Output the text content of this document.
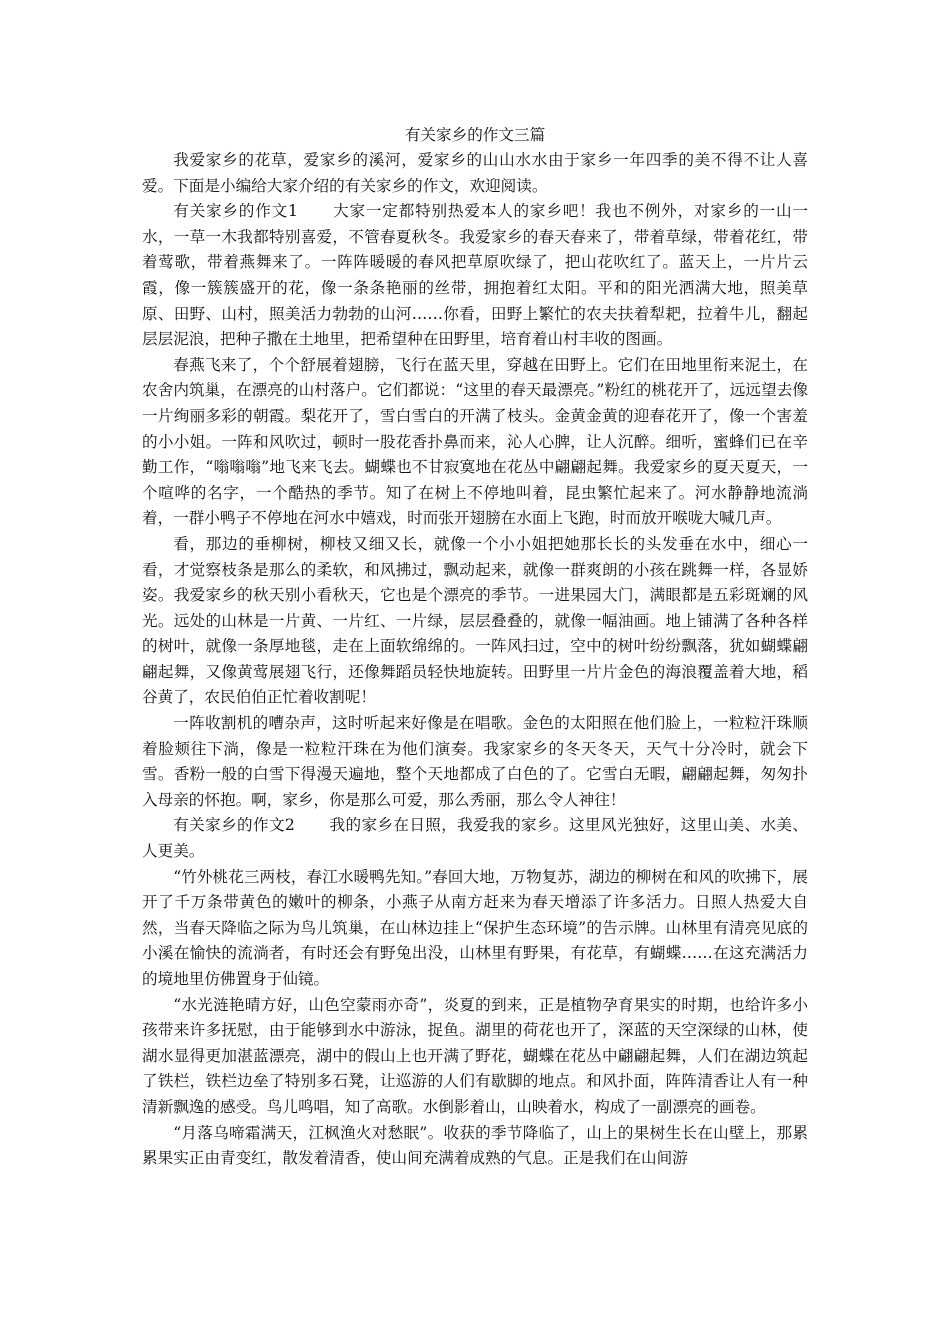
有关家乡的作文三篇

我爱家乡的花草，爱家乡的溪河，爱家乡的山山水水由于家乡一年四季的美不得不让人喜爱。下面是小编给大家介绍的有关家乡的作文，欢迎阅读。

有关家乡的作文1 大家一定都特别热爱本人的家乡吧！我也不例外，对家乡的一山一水，一草一木我都特别喜爱，不管春夏秋冬。我爱家乡的春天春来了，带着草绿，带着花红，带着莺歌，带着燕舞来了。一阵阵暖暖的春风把草原吹绿了，把山花吹红了。蓝天上，一片片云霞，像一簇簇盛开的花，像一条条艳丽的丝带，拥抱着红太阳。平和的阳光洒满大地，照美草原、田野、山村，照美活力勃勃的山河……你看，田野上繁忙的农夫扶着犁耙，拉着牛儿，翻起层层泥浪，把种子撒在土地里，把希望种在田野里，培育着山村丰收的图画。

春燕飞来了，个个舒展着翅膀，飞行在蓝天里，穿越在田野上。它们在田地里衔来泥土，在农舍内筑巢，在漂亮的山村落户。它们都说：“这里的春天最漂亮。”粉红的桃花开了，远远望去像一片绚丽多彩的朝霞。梨花开了，雪白雪白的开满了枝头。金黄金黄的迎春花开了，像一个害羞的小小姐。一阵和风吹过，顿时一股花香扑鼻而来，沁人心脾，让人沉醉。细听，蜜蜂们已在辛勤工作，“嗡嗡嗡”地飞来飞去。蝴蝶也不甘寂寞地在花丛中翩翩起舞。我爱家乡的夏天夏天，一个喧哗的名字，一个酷热的季节。知了在树上不停地叫着，昆虫繁忙起来了。河水静静地流淌着，一群小鸭子不停地在河水中嬉戏，时而张开翅膀在水面上飞跑，时而放开喉咙大喊几声。

看，那边的垂柳树，柳枝又细又长，就像一个小小姐把她那长长的头发垂在水中，细心一看，才觉察枝条是那么的柔软，和风拂过，飘动起来，就像一群爽朗的小孩在跳舞一样，各显娇姿。我爱家乡的秋天别小看秋天，它也是个漂亮的季节。一进果园大门，满眼都是五彩斑斓的风光。远处的山林是一片黄、一片红、一片绿，层层叠叠的，就像一幅油画。地上铺满了各种各样的树叶，就像一条厚地毯，走在上面软绵绵的。一阵风扫过，空中的树叶纷纷飘落，犹如蝴蝶翩翩起舞，又像黄莺展翅飞行，还像舞蹈员轻快地旋转。田野里一片片金色的海浪覆盖着大地，稻谷黄了，农民伯伯正忙着收割呢！

一阵收割机的嘈杂声，这时听起来好像是在唱歌。金色的太阳照在他们脸上，一粒粒汗珠顺着脸颊往下淌，像是一粒粒汗珠在为他们演奏。我家家乡的冬天冬天，天气十分冷时，就会下雪。香粉一般的白雪下得漫天遍地，整个天地都成了白色的了。它雪白无暇，翩翩起舞，匆匆扑入母亲的怀抱。啊，家乡，你是那么可爱，那么秀丽，那么令人神往！

有关家乡的作文2 我的家乡在日照，我爱我的家乡。这里风光独好，这里山美、水美、人更美。

“竹外桃花三两枝，春江水暖鸭先知。”春回大地，万物复苏，湖边的柳树在和风的吹拂下，展开了千万条带黄色的嫩叶的柳条，小燕子从南方赶来为春天增添了许多活力。日照人热爱大自然，当春天降临之际为鸟儿筑巢，在山林边挂上“保护生态环境”的告示牌。山林里有清亮见底的小溪在愉快的流淌者，有时还会有野兔出没，山林里有野果，有花草，有蝴蝶……在这充满活力的境地里仿佛置身于仙镜。

“水光涟艳晴方好，山色空蒙雨亦奇”，炎夏的到来，正是植物孕育果实的时期，也给许多小孩带来许多抚慰，由于能够到水中游泳，捉鱼。湖里的荷花也开了，深蓝的天空深绿的山林，使湖水显得更加湛蓝漂亮，湖中的假山上也开满了野花，蝴蝶在花丛中翩翩起舞，人们在湖边筑起了铁栏，铁栏边垒了特别多石凳，让巡游的人们有歇脚的地点。和风扑面，阵阵清香让人有一种清新飘逸的感受。鸟儿鸣唱，知了高歌。水倒影着山，山映着水，构成了一副漂亮的画卷。

“月落乌啼霜满天，江枫渔火对愁眠”。收获的季节降临了，山上的果树生长在山壁上，那累累果实正由青变红，散发着清香，使山间充满着成熟的气息。正是我们在山间游
